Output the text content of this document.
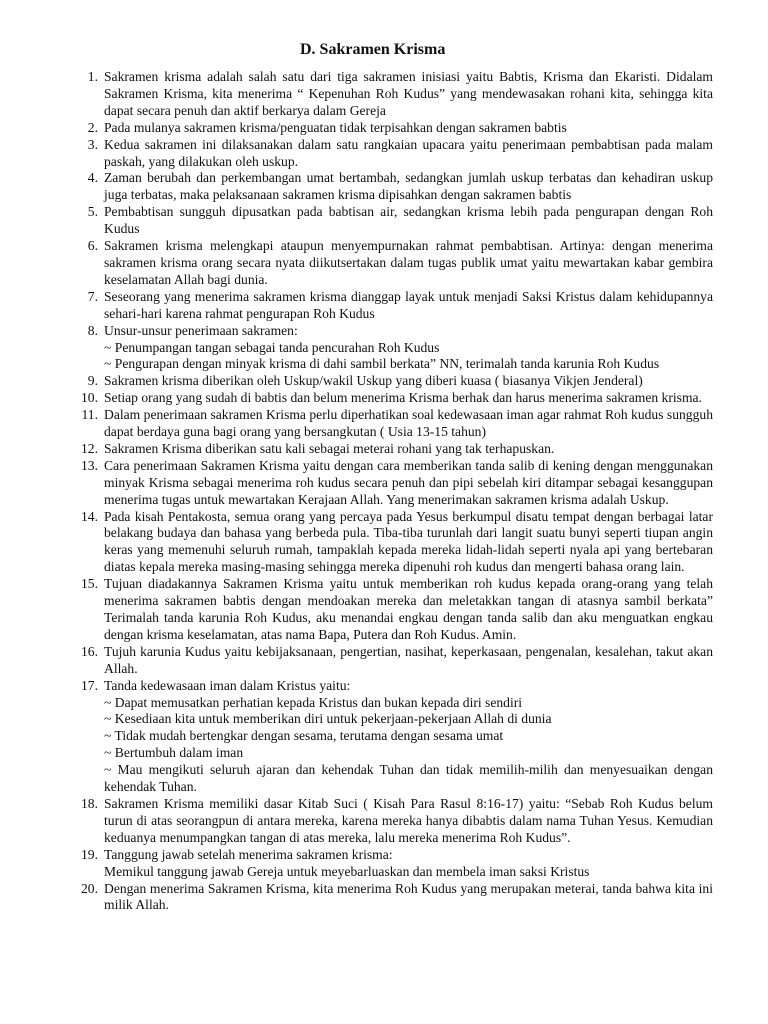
D. Sakramen Krisma
1. Sakramen krisma adalah salah satu dari tiga sakramen inisiasi yaitu Babtis, Krisma dan Ekaristi. Didalam Sakramen Krisma, kita menerima “ Kepenuhan Roh Kudus” yang mendewasakan rohani kita, sehingga kita dapat secara penuh dan aktif berkarya dalam Gereja
2. Pada mulanya sakramen krisma/penguatan tidak terpisahkan dengan sakramen babtis
3. Kedua sakramen ini dilaksanakan dalam satu rangkaian upacara yaitu penerimaan pembabtisan pada malam paskah, yang dilakukan oleh uskup.
4. Zaman berubah dan perkembangan umat bertambah, sedangkan jumlah uskup terbatas dan kehadiran uskup juga terbatas, maka pelaksanaan sakramen krisma dipisahkan dengan sakramen babtis
5. Pembabtisan sungguh dipusatkan pada babtisan air, sedangkan krisma lebih pada pengurapan dengan Roh Kudus
6. Sakramen krisma melengkapi ataupun menyempurnakan rahmat pembabtisan. Artinya: dengan menerima sakramen krisma orang secara nyata diikutsertakan dalam tugas publik umat yaitu mewartakan kabar gembira keselamatan Allah bagi dunia.
7. Seseorang yang menerima sakramen krisma dianggap layak untuk menjadi Saksi Kristus dalam kehidupannya sehari-hari karena rahmat pengurapan Roh Kudus
8. Unsur-unsur penerimaan sakramen:
~ Penumpangan tangan sebagai tanda pencurahan Roh Kudus
~ Pengurapan dengan minyak krisma di dahi sambil berkata” NN, terimalah tanda karunia Roh Kudus
9. Sakramen krisma diberikan oleh Uskup/wakil Uskup yang diberi kuasa ( biasanya Vikjen Jenderal)
10. Setiap orang yang sudah di babtis dan belum menerima Krisma berhak dan harus menerima sakramen krisma.
11. Dalam penerimaan sakramen Krisma perlu diperhatikan soal kedewasaan iman agar rahmat Roh kudus sungguh dapat berdaya guna bagi orang yang bersangkutan ( Usia 13-15 tahun)
12. Sakramen Krisma diberikan satu kali sebagai meterai rohani yang tak terhapuskan.
13. Cara penerimaan Sakramen Krisma yaitu dengan cara memberikan tanda salib di kening dengan menggunakan minyak Krisma sebagai menerima roh kudus secara penuh dan pipi sebelah kiri ditampar sebagai kesanggupan menerima tugas untuk mewartakan Kerajaan Allah. Yang menerimakan sakramen krisma adalah Uskup.
14. Pada kisah Pentakosta, semua orang yang percaya pada Yesus berkumpul disatu tempat dengan berbagai latar belakang budaya dan bahasa yang berbeda pula. Tiba-tiba turunlah dari langit suatu bunyi seperti tiupan angin keras yang memenuhi seluruh rumah, tampaklah kepada mereka lidah-lidah seperti nyala api yang bertebaran diatas kepala mereka masing-masing sehingga mereka dipenuhi roh kudus dan mengerti bahasa orang lain.
15. Tujuan diadakannya Sakramen Krisma yaitu untuk memberikan roh kudus kepada orang-orang yang telah menerima sakramen babtis dengan mendoakan mereka dan meletakkan tangan di atasnya sambil berkata” Terimalah tanda karunia Roh Kudus, aku menandai engkau dengan tanda salib dan aku menguatkan engkau dengan krisma keselamatan, atas nama Bapa, Putera dan Roh Kudus. Amin.
16. Tujuh karunia Kudus yaitu kebijaksanaan, pengertian, nasihat, keperkasaan, pengenalan, kesalehan, takut akan Allah.
17. Tanda kedewasaan iman dalam Kristus yaitu:
~ Dapat memusatkan perhatian kepada Kristus dan bukan kepada diri sendiri
~ Kesediaan kita untuk memberikan diri untuk pekerjaan-pekerjaan Allah di dunia
~ Tidak mudah bertengkar dengan sesama, terutama dengan sesama umat
~ Bertumbuh dalam iman
~ Mau mengikuti seluruh ajaran dan kehendak Tuhan dan tidak memilih-milih dan menyesuaikan dengan kehendak Tuhan.
18. Sakramen Krisma memiliki dasar Kitab Suci ( Kisah Para Rasul 8:16-17) yaitu: “Sebab Roh Kudus belum turun di atas seorangpun di antara mereka, karena mereka hanya dibabtis dalam nama Tuhan Yesus. Kemudian keduanya menumpangkan tangan di atas mereka, lalu mereka menerima Roh Kudus”.
19. Tanggung jawab setelah menerima sakramen krisma:
Memikul tanggung jawab Gereja untuk meyebarluaskan dan membela iman saksi Kristus
20. Dengan menerima Sakramen Krisma, kita menerima Roh Kudus yang merupakan meterai, tanda bahwa kita ini milik Allah.
